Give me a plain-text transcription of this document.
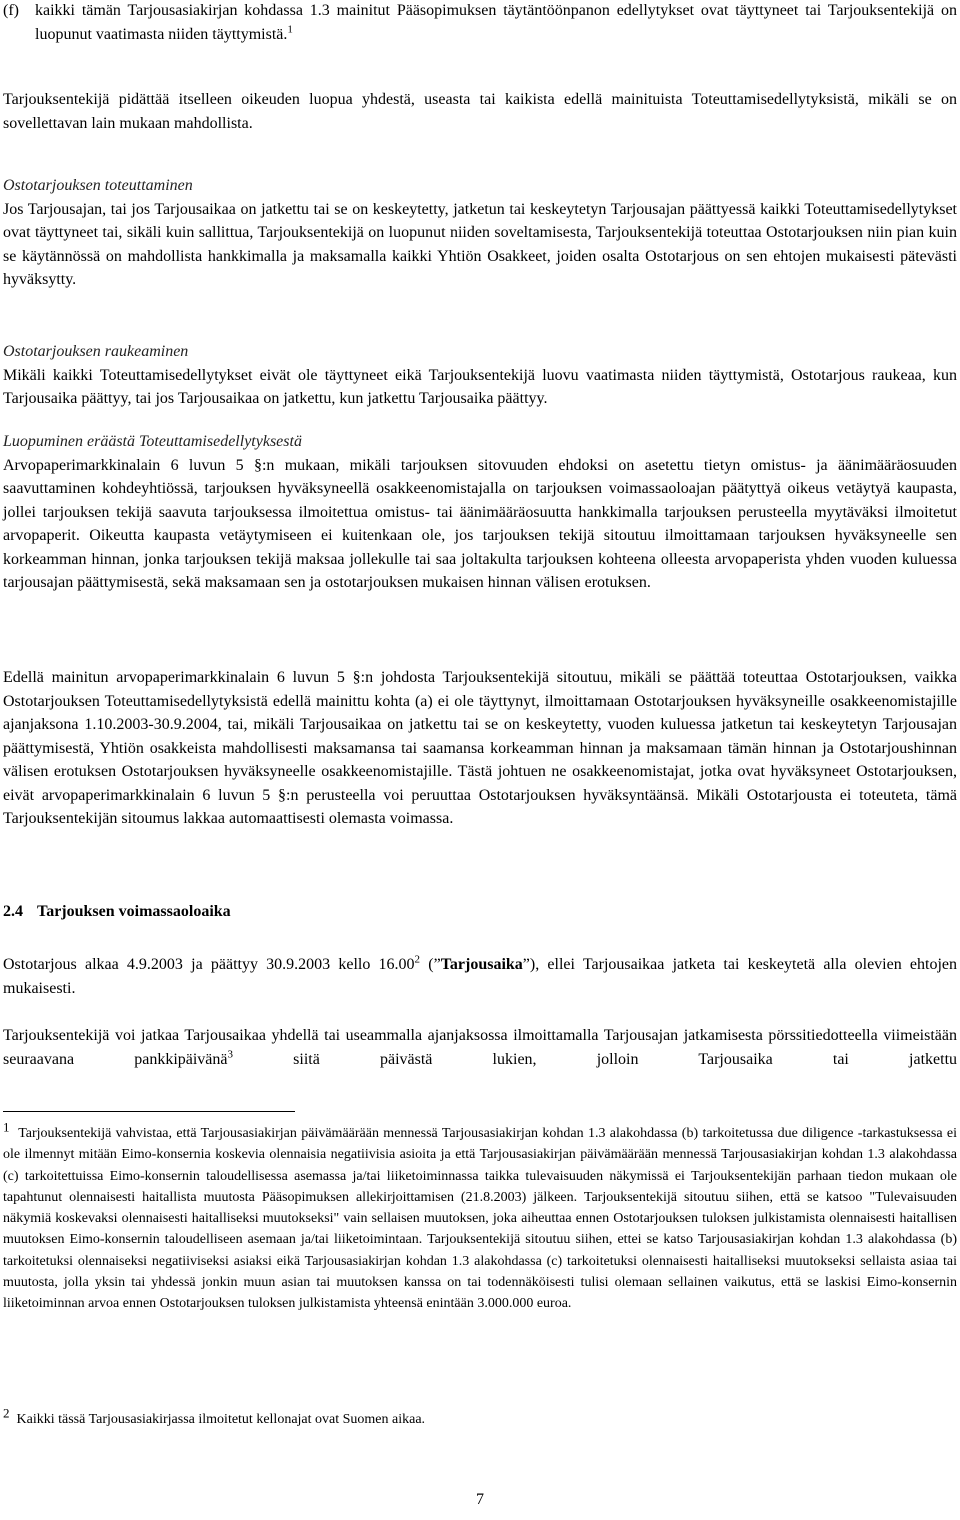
(f)	kaikki tämän Tarjousasiakirjan kohdassa 1.3 mainitut Pääsopimuksen täytäntöönpanon edellytykset ovat täyttyneet tai Tarjouksentekijä on luopunut vaatimasta niiden täyttymistä.$^1$

Tarjouksentekijä pidättää itselleen oikeuden luopua yhdestä, useasta tai kaikista edellä mainituista Toteuttamisedellytyksistä, mikäli se on sovellettavan lain mukaan mahdollista.

Ostotarjouksen toteuttaminen

Jos Tarjousajan, tai jos Tarjousaikaa on jatkettu tai se on keskeytetty, jatketun tai keskeytetyn Tarjousajan päättyessä kaikki Toteuttamisedellytykset ovat täyttyneet tai, sikäli kuin sallittua, Tarjouksentekijä on luopunut niiden soveltamisesta, Tarjouksentekijä toteuttaa Ostotarjouksen niin pian kuin se käytännössä on mahdollista hankkimalla ja maksamalla kaikki Yhtiön Osakkeet, joiden osalta Ostotarjous on sen ehtojen mukaisesti pätevästi hyväksytty.

Ostotarjouksen raukeaminen

Mikäli kaikki Toteuttamisedellytykset eivät ole täyttyneet eikä Tarjouksentekijä luovu vaatimasta niiden täyttymistä, Ostotarjous raukeaa, kun Tarjousaika päättyy, tai jos Tarjousaikaa on jatkettu, kun jatkettu Tarjousaika päättyy.

Luopuminen eräästä Toteuttamisedellytyksestä

Arvopaperimarkkinalain 6 luvun 5 §:n mukaan, mikäli tarjouksen sitovuuden ehdoksi on asetettu tietyn omistus- ja äänimääräosuuden saavuttaminen kohdeyhtiössä, tarjouksen hyväksyneellä osakkeenomistajalla on tarjouksen voimassaoloajan päätyttyä oikeus vetäytyä kaupasta, jollei tarjouksen tekijä saavuta tarjouksessa ilmoitettua omistus- tai äänimääräosuutta hankkimalla tarjouksen perusteella myytäväksi ilmoitetut arvopaperit. Oikeutta kaupasta vetäytymiseen ei kuitenkaan ole, jos tarjouksen tekijä sitoutuu ilmoittamaan tarjouksen hyväksyneelle sen korkeamman hinnan, jonka tarjouksen tekijä maksaa jollekulle tai saa joltakulta tarjouksen kohteena olleesta arvopaperista yhden vuoden kuluessa tarjousajan päättymisestä, sekä maksamaan sen ja ostotarjouksen mukaisen hinnan välisen erotuksen.

Edellä mainitun arvopaperimarkkinalain 6 luvun 5 §:n johdosta Tarjouksentekijä sitoutuu, mikäli se päättää toteuttaa Ostotarjouksen, vaikka Ostotarjouksen Toteuttamisedellytyksistä edellä mainittu kohta (a) ei ole täyttynyt, ilmoittamaan Ostotarjouksen hyväksyneille osakkeenomistajille ajanjaksona 1.10.2003-30.9.2004, tai, mikäli Tarjousaikaa on jatkettu tai se on keskeytetty, vuoden kuluessa jatketun tai keskeytetyn Tarjousajan päättymisestä, Yhtiön osakkeista mahdollisesti maksamansa tai saamansa korkeamman hinnan ja maksamaan tämän hinnan ja Ostotarjoushinnan välisen erotuksen Ostotarjouksen hyväksyneelle osakkeenomistajille. Tästä johtuen ne osakkeenomistajat, jotka ovat hyväksyneet Ostotarjouksen, eivät arvopaperimarkkinalain 6 luvun 5 §:n perusteella voi peruuttaa Ostotarjouksen hyväksyntäänsä. Mikäli Ostotarjousta ei toteuteta, tämä Tarjouksentekijän sitoumus lakkaa automaattisesti olemasta voimassa.

2.4 Tarjouksen voimassaoloaika

Ostotarjous alkaa 4.9.2003 ja päättyy 30.9.2003 kello 16.00$^2$ (”Tarjousaika”), ellei Tarjousaikaa jatketa tai keskeytetä alla olevien ehtojen mukaisesti.

Tarjouksentekijä voi jatkaa Tarjousaikaa yhdellä tai useammalla ajanjaksossa ilmoittamalla Tarjousajan jatkamisesta pörssitiedotteella viimeistään seuraavana pankkipäivänä$^3$ siitä päivästä lukien, jolloin Tarjousaika tai jatkettu

1 Tarjouksentekijä vahvistaa, että Tarjousasiakirjan päivämäärään mennessä Tarjousasiakirjan kohdan 1.3 alakohdassa (b) tarkoitetussa due diligence -tarkastuksessa ei ole ilmennyt mitään Eimo-konsernia koskevia olennaisia negatiivisia asioita ja että Tarjousasiakirjan päivämäärään mennessä Tarjousasiakirjan kohdan 1.3 alakohdassa (c) tarkoitettuissa Eimo-konsernin taloudellisessa asemassa ja/tai liiketoiminnassa taikka tulevaisuuden näkymissä ei Tarjouksentekijän parhaan tiedon mukaan ole tapahtunut olennaisesti haitallista muutosta Pääsopimuksen allekirjoittamisen (21.8.2003) jälkeen. Tarjouksentekijä sitoutuu siihen, että se katsoo "Tulevaisuuden näkymiä koskevaksi olennaisesti haitalliseksi muutokseksi" vain sellaisen muutoksen, joka aiheuttaa ennen Ostotarjouksen tuloksen julkistamista olennaisesti haitallisen muutoksen Eimo-konsernin taloudelliseen asemaan ja/tai liiketoimintaan. Tarjouksentekijä sitoutuu siihen, ettei se katso Tarjousasiakirjan kohdan 1.3 alakohdassa (b) tarkoitetuksi olennaiseksi negatiiviseksi asiaksi eikä Tarjousasiakirjan kohdan 1.3 alakohdassa (c) tarkoitetuksi olennaisesti haitalliseksi muutokseksi sellaista asiaa tai muutosta, jolla yksin tai yhdessä jonkin muun asian tai muutoksen kanssa on tai todennäköisesti tulisi olemaan sellainen vaikutus, että se laskisi Eimo-konsernin liiketoiminnan arvoa ennen Ostotarjouksen tuloksen julkistamista yhteensä enintään 3.000.000 euroa.

2 Kaikki tässä Tarjousasiakirjassa ilmoitetut kellonajat ovat Suomen aikaa.

7
